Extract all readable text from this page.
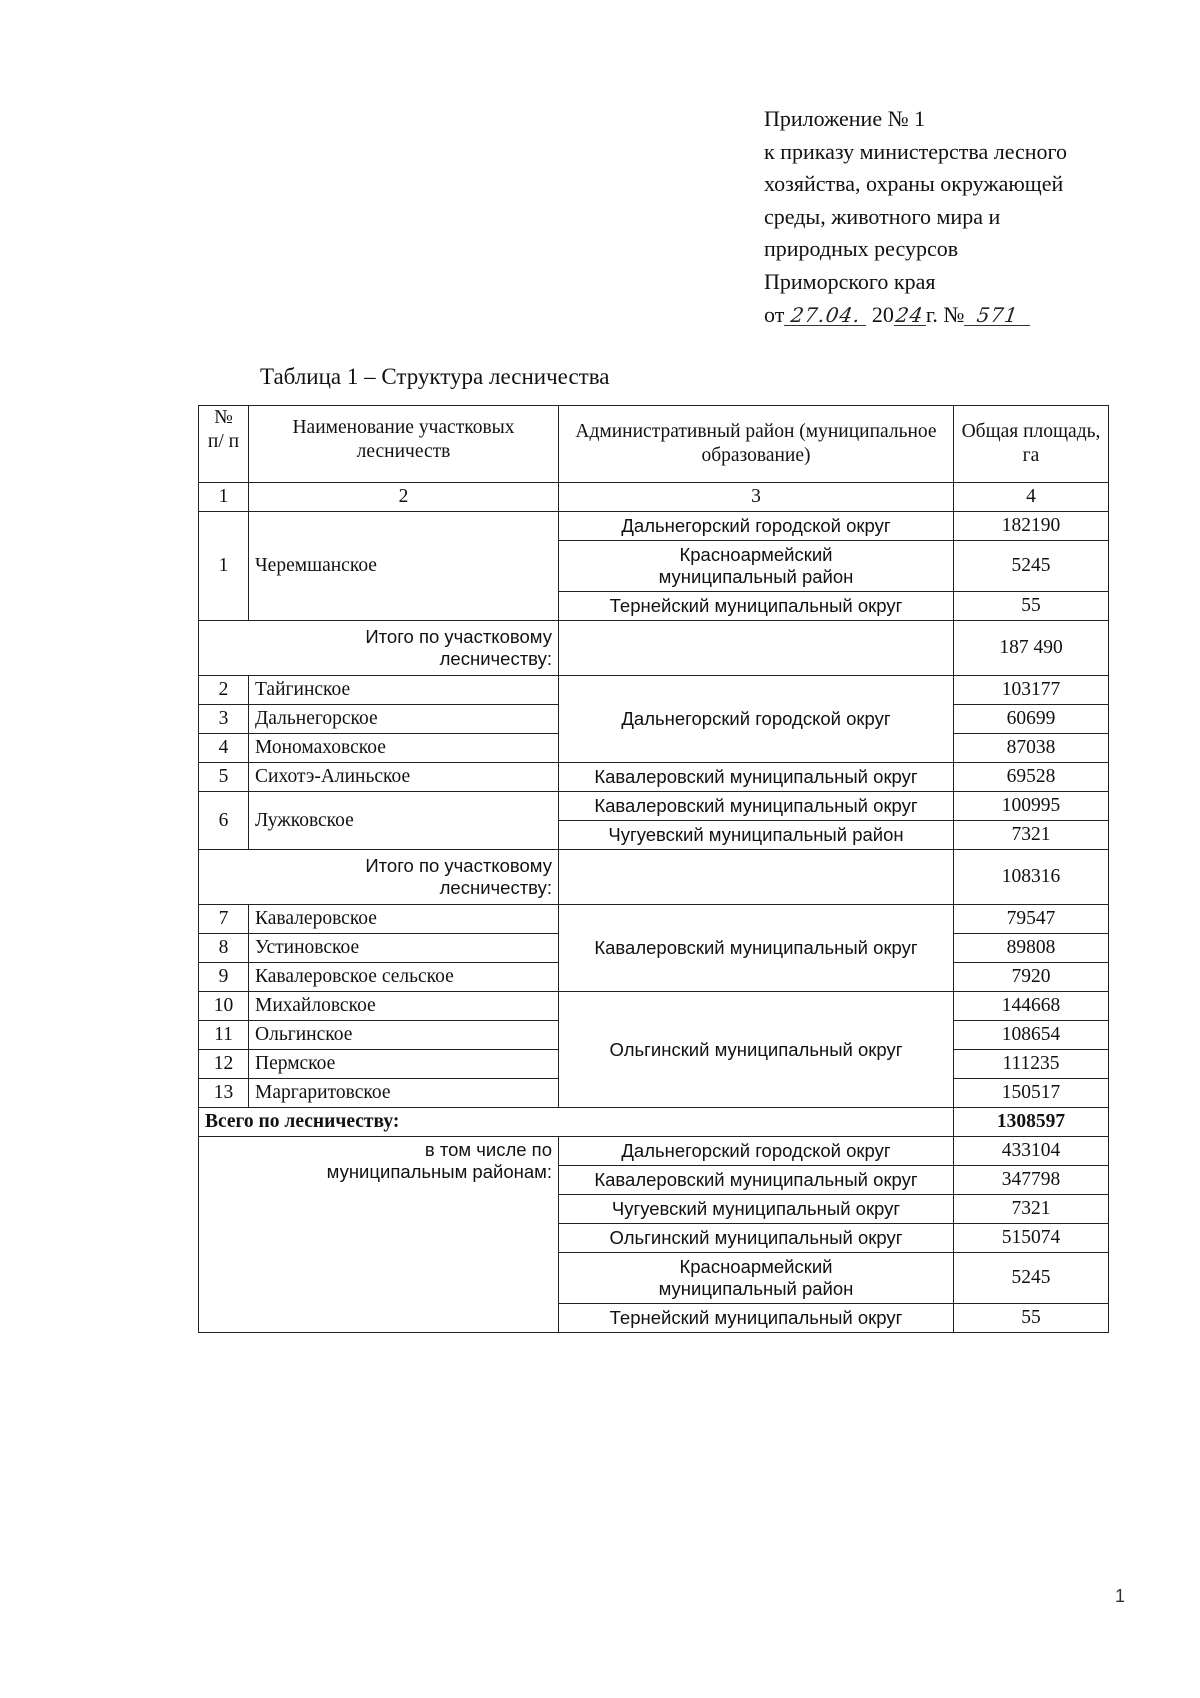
Приложение № 1
к приказу министерства лесного
хозяйства, охраны окружающей
среды, животного мира и
природных ресурсов
Приморского края
от 27.04. 2024г. № 571
Таблица 1 – Структура лесничества
№ п/ п	Наименование участковых лесничеств	Административный район (муниципальное образование)	Общая площадь, га
1	2	3	4
1	Черемшанское	Дальнегорский городской округ	182190
		Красноармейский муниципальный район	5245
		Тернейский муниципальный округ	55
Итого по участковому лесничеству:			187 490
2	Тайгинское	Дальнегорский городской округ	103177
3	Дальнегорское		60699
4	Мономаховское		87038
5	Сихотэ-Алиньское	Кавалеровский муниципальный округ	69528
6	Лужковское	Кавалеровский муниципальный округ	100995
		Чугуевский муниципальный район	7321
Итого по участковому лесничеству:			108316
7	Кавалеровское	Кавалеровский муниципальный округ	79547
8	Устиновское		89808
9	Кавалеровское сельское		7920
10	Михайловское	Ольгинский муниципальный округ	144668
11	Ольгинское		108654
12	Пермское		111235
13	Маргаритовское		150517
Всего по лесничеству:			1308597
в том числе по муниципальным районам:		Дальнегорский городской округ	433104
		Кавалеровский муниципальный округ	347798
		Чугуевский муниципальный округ	7321
		Ольгинский муниципальный округ	515074
		Красноармейский муниципальный район	5245
		Тернейский муниципальный округ	55
1
